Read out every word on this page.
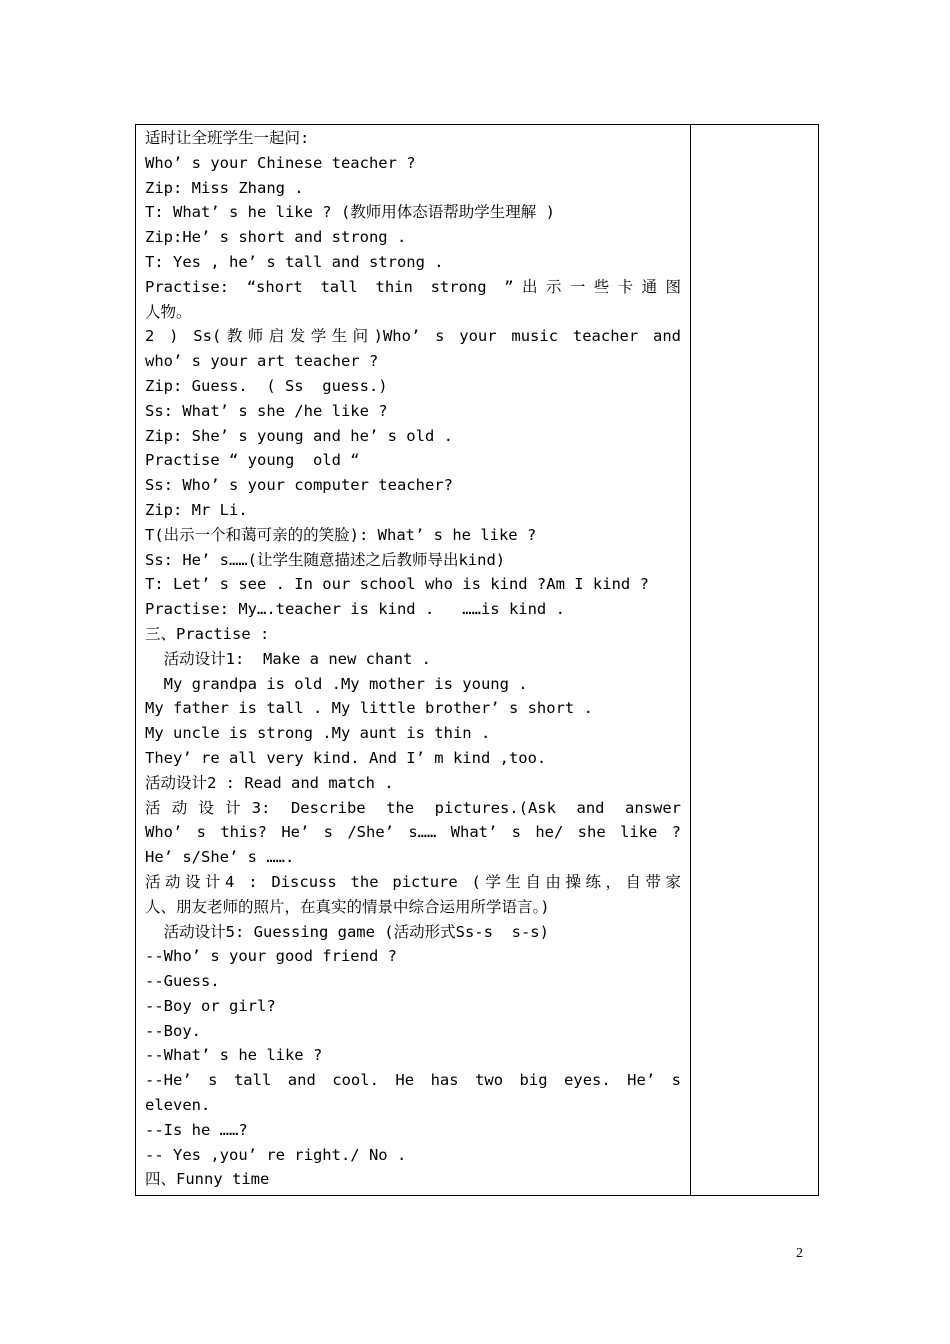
适时让全班学生一起问:
Who’ s your Chinese teacher ?
Zip: Miss Zhang .
T: What’ s he like ? (教师用体态语帮助学生理解 )
Zip:He’ s short and strong .
T: Yes , he’ s tall and strong .
Practise: “short tall thin strong ”出示一些卡通图
人物。
2 ) Ss(教师启发学生问)Who’ s your music teacher and
who’ s your art teacher ?
Zip: Guess.  ( Ss  guess.)
Ss: What’ s she /he like ?
Zip: She’ s young and he’ s old .
Practise “ young  old “
Ss: Who’ s your computer teacher?
Zip: Mr Li.
T(出示一个和蔼可亲的的笑脸): What’ s he like ?
Ss: He’ s……(让学生随意描述之后教师导出kind)
T: Let’ s see . In our school who is kind ?Am I kind ?
Practise: My….teacher is kind .   ……is kind .
三、Practise :
活动设计1:  Make a new chant .
My grandpa is old .My mother is young .
My father is tall . My little brother’ s short .
My uncle is strong .My aunt is thin .
They’ re all very kind. And I’ m kind ,too.
活动设计2 : Read and match .
活动设计3: Describe the pictures.(Ask and answer
Who’ s this? He’ s /She’ s…… What’ s he/ she like ?
He’ s/She’ s …….
活动设计4 : Discuss the picture (学生自由操练，自带家
人、朋友老师的照片，在真实的情景中综合运用所学语言。)
活动设计5: Guessing game (活动形式Ss-s  s-s)
--Who’ s your good friend ?
--Guess.
--Boy or girl?
--Boy.
--What’ s he like ?
--He’ s tall and cool. He has two big eyes. He’ s
eleven.
--Is he ……?
-- Yes ,you’ re right./ No .
四、Funny time
2
